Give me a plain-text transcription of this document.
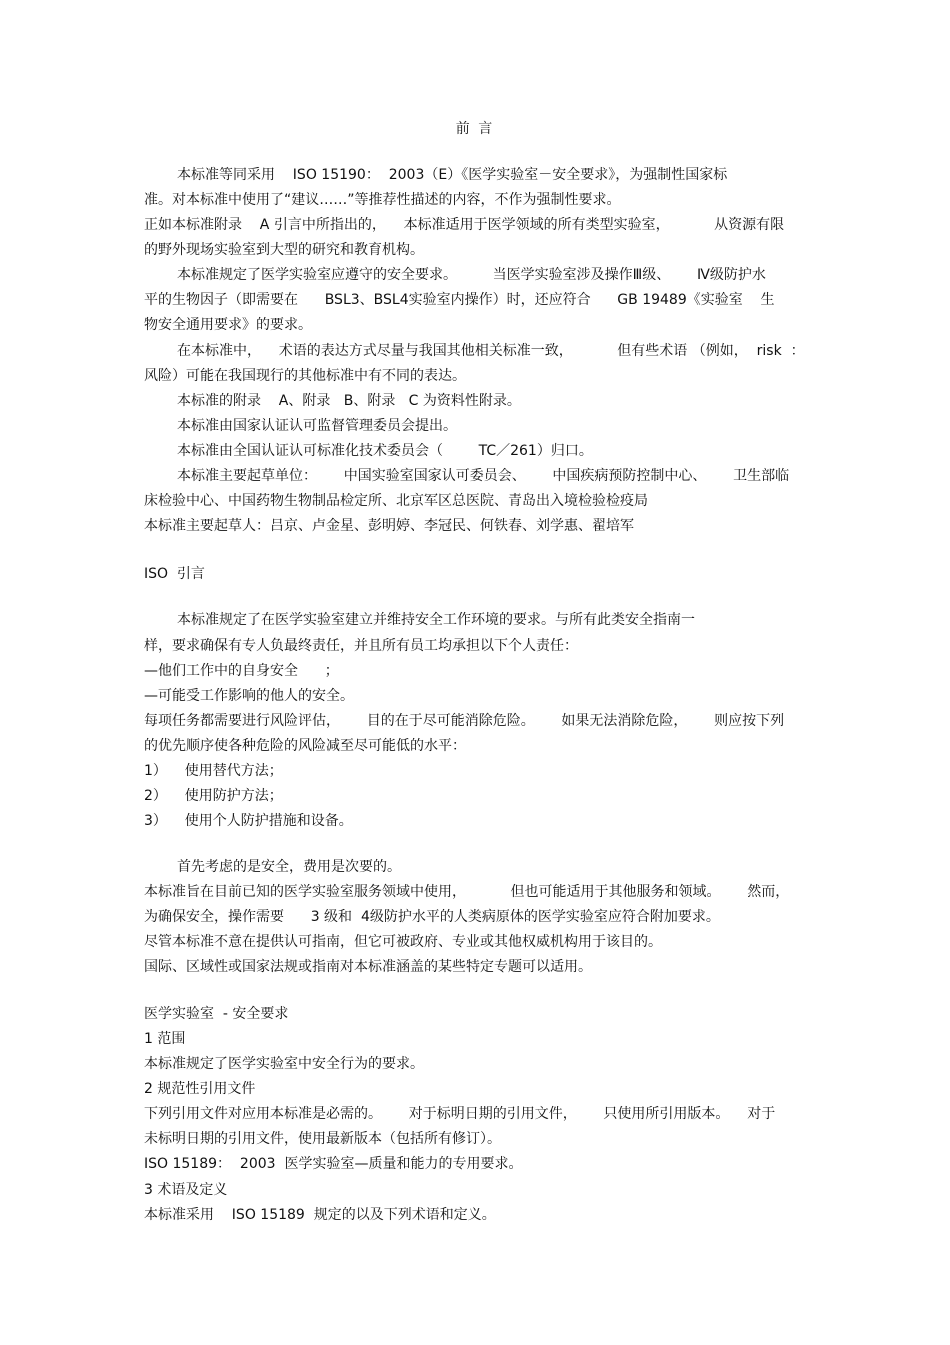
前 言
本标准等同采用    ISO 15190：  2003（E）《医学实验室－安全要求》，为强制性国家标
准。对本标准中使用了“建议……”等推荐性描述的内容，不作为强制性要求。
正如本标准附录    A 引言中所指出的，    本标准适用于医学领域的所有类型实验室，          从资源有限
的野外现场实验室到大型的研究和教育机构。
本标准规定了医学实验室应遵守的安全要求。        当医学实验室涉及操作Ⅲ级、      Ⅳ级防护水
平的生物因子（即需要在      BSL3、BSL4实验室内操作）时，还应符合      GB 19489《实验室    生
物安全通用要求》的要求。
在本标准中，    术语的表达方式尽量与我国其他相关标准一致，          但有些术语 （例如，  risk  ：
风险）可能在我国现行的其他标准中有不同的表达。
本标准的附录    A、附录   B、附录   C 为资料性附录。
本标准由国家认证认可监督管理委员会提出。
本标准由全国认证认可标准化技术委员会（        TC／261）归口。
本标准主要起草单位：      中国实验室国家认可委员会、      中国疾病预防控制中心、      卫生部临
床检验中心、中国药物生物制品检定所、北京军区总医院、青岛出入境检验检疫局
本标准主要起草人：吕京、卢金星、彭明婷、李冠民、何铁春、刘学惠、翟培军
ISO  引言
本标准规定了在医学实验室建立并维持安全工作环境的要求。与所有此类安全指南一
样，要求确保有专人负最终责任，并且所有员工均承担以下个人责任：
—他们工作中的自身安全      ；
—可能受工作影响的他人的安全。
每项任务都需要进行风险评估，      目的在于尽可能消除危险。      如果无法消除危险，      则应按下列
的优先顺序使各种危险的风险减至尽可能低的水平：
1）    使用替代方法；
2）    使用防护方法；
3）    使用个人防护措施和设备。
首先考虑的是安全，费用是次要的。
本标准旨在目前已知的医学实验室服务领域中使用，          但也可能适用于其他服务和领域。      然而，
为确保安全，操作需要      3 级和  4级防护水平的人类病原体的医学实验室应符合附加要求。
尽管本标准不意在提供认可指南，但它可被政府、专业或其他权威机构用于该目的。
国际、区域性或国家法规或指南对本标准涵盖的某些特定专题可以适用。
医学实验室  - 安全要求
1 范围
本标准规定了医学实验室中安全行为的要求。
2 规范性引用文件
下列引用文件对应用本标准是必需的。      对于标明日期的引用文件，      只使用所引用版本。    对于
未标明日期的引用文件，使用最新版本（包括所有修订）。
ISO 15189：  2003  医学实验室—质量和能力的专用要求。
3 术语及定义
本标准采用    ISO 15189  规定的以及下列术语和定义。
